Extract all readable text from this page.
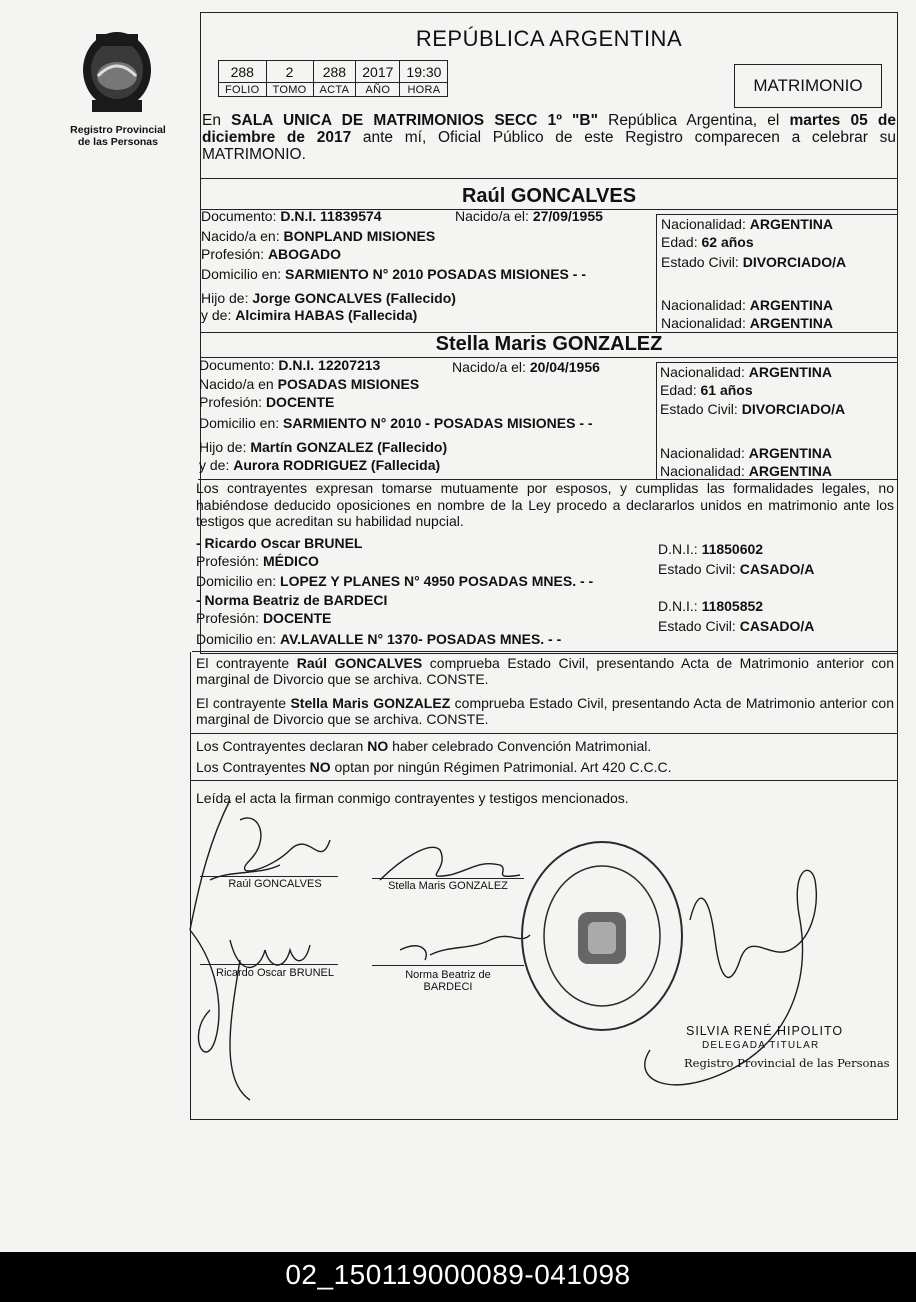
Registro Provincial
de las Personas
REPÚBLICA ARGENTINA
288	2	288	2017	19:30
FOLIO	TOMO	ACTA	AÑO	HORA	MATRIMONIO
En SALA UNICA DE MATRIMONIOS SECC 1º "B" República Argentina, el martes 05 de diciembre de 2017 ante mí, Oficial Público de este Registro comparecen a celebrar su MATRIMONIO.
Raúl GONCALVES
Documento: D.N.I. 11839574	Nacido/a el: 27/09/1955	Nacionalidad: ARGENTINA
Nacido/a en: BONPLAND MISIONES	Edad: 62 años
Profesión: ABOGADO	Estado Civil: DIVORCIADO/A
Domicilio en: SARMIENTO N° 2010 POSADAS MISIONES - -
Hijo de: Jorge GONCALVES (Fallecido)	Nacionalidad: ARGENTINA
y de: Alcimira HABAS (Fallecida)	Nacionalidad: ARGENTINA
Stella Maris GONZALEZ
Documento: D.N.I. 12207213	Nacido/a el: 20/04/1956	Nacionalidad: ARGENTINA
Nacido/a en POSADAS MISIONES	Edad: 61 años
Profesión: DOCENTE	Estado Civil: DIVORCIADO/A
Domicilio en: SARMIENTO N° 2010 - POSADAS MISIONES - -
Hijo de: Martín GONZALEZ (Fallecido)	Nacionalidad: ARGENTINA
y de: Aurora RODRIGUEZ (Fallecida)	Nacionalidad: ARGENTINA
Los contrayentes expresan tomarse mutuamente por esposos, y cumplidas las formalidades legales, no habiéndose deducido oposiciones en nombre de la Ley procedo a declararlos unidos en matrimonio ante los testigos que acreditan su habilidad nupcial.
- Ricardo Oscar BRUNEL	D.N.I.: 11850602
Profesión: MÉDICO	Estado Civil: CASADO/A
Domicilio en: LOPEZ Y PLANES N° 4950 POSADAS MNES. - -
- Norma Beatriz de BARDECI	D.N.I.: 11805852
Profesión: DOCENTE	Estado Civil: CASADO/A
Domicilio en: AV.LAVALLE N° 1370- POSADAS MNES. - -
El contrayente Raúl GONCALVES comprueba Estado Civil, presentando Acta de Matrimonio anterior con marginal de Divorcio que se archiva. CONSTE.
El contrayente Stella Maris GONZALEZ comprueba Estado Civil, presentando Acta de Matrimonio anterior con marginal de Divorcio que se archiva. CONSTE.
Los Contrayentes declaran NO haber celebrado Convención Matrimonial.
Los Contrayentes NO optan por ningún Régimen Patrimonial. Art 420 C.C.C.
Leída el acta la firman conmigo contrayentes y testigos mencionados.
Raúl GONCALVES	Stella Maris GONZALEZ
Ricardo Oscar BRUNEL	Norma Beatriz de
BARDECI
SILVIA RENÉ HIPOLITO
DELEGADA TITULAR
Registro Provincial de las Personas
02_150119000089-041098
